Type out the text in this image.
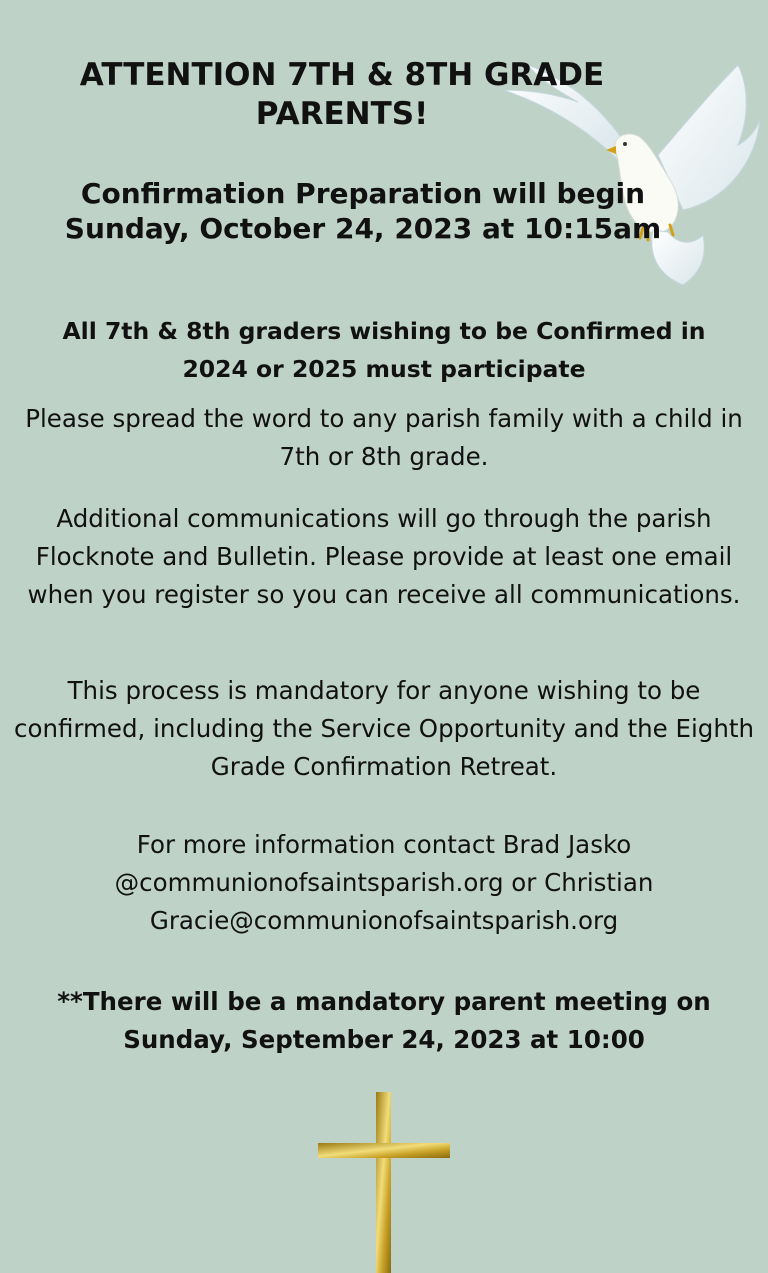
ATTENTION 7TH & 8TH GRADE PARENTS!
Confirmation Preparation will begin Sunday, October 24, 2023 at 10:15am
All 7th & 8th graders wishing to be Confirmed in 2024 or 2025 must participate
Please spread the word to any parish family with a child in 7th or 8th grade.
Additional communications will go through the parish Flocknote and Bulletin. Please provide at least one email when you register so you can receive all communications.
This process is mandatory for anyone wishing to be confirmed, including the Service Opportunity and the Eighth Grade Confirmation Retreat.
For more information contact Brad Jasko @communionofsaintsparish.org or Christian Gracie@communionofsaintsparish.org
**There will be a mandatory parent meeting on Sunday, September 24, 2023 at 10:00
